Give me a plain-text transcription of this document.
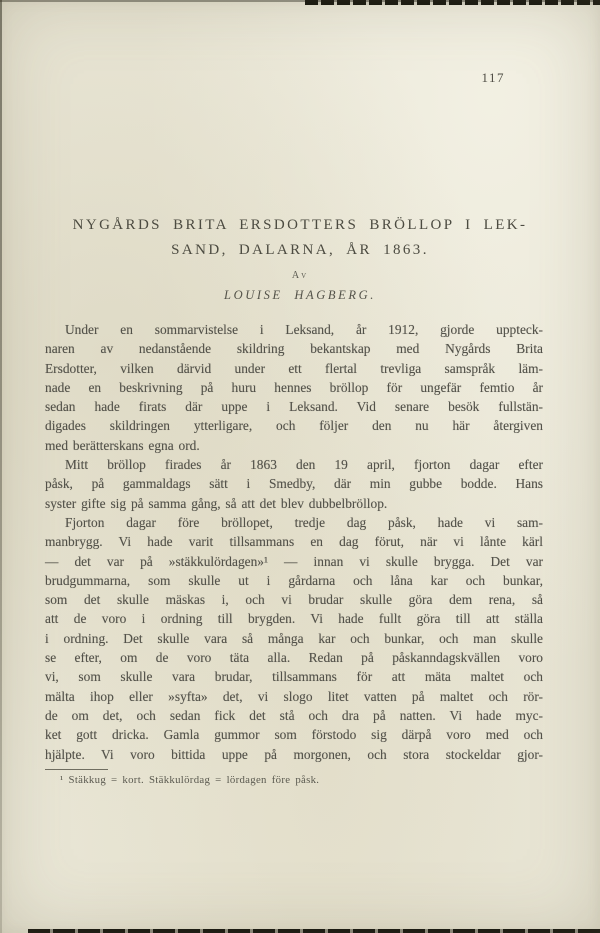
117
NYGÅRDS BRITA ERSDOTTERS BRÖLLOP I LEK-
SAND, DALARNA, ÅR 1863.
Av
LOUISE HAGBERG.
Under en sommarvistelse i Leksand, år 1912, gjorde uppteck-
naren av nedanstående skildring bekantskap med Nygårds Brita
Ersdotter, vilken därvid under ett flertal trevliga samspråk läm-
nade en beskrivning på huru hennes bröllop för ungefär femtio år
sedan hade firats där uppe i Leksand. Vid senare besök fullstän-
digades skildringen ytterligare, och följer den nu här återgiven
med berätterskans egna ord.
Mitt bröllop firades år 1863 den 19 april, fjorton dagar efter
påsk, på gammaldags sätt i Smedby, där min gubbe bodde. Hans
syster gifte sig på samma gång, så att det blev dubbelbröllop.
Fjorton dagar före bröllopet, tredje dag påsk, hade vi sam-
manbrygg. Vi hade varit tillsammans en dag förut, när vi lånte kärl
— det var på »stäkkulördagen»¹ — innan vi skulle brygga. Det var
brudgummarna, som skulle ut i gårdarna och låna kar och bunkar,
som det skulle mäskas i, och vi brudar skulle göra dem rena, så
att de voro i ordning till brygden. Vi hade fullt göra till att ställa
i ordning. Det skulle vara så många kar och bunkar, och man skulle
se efter, om de voro täta alla. Redan på påskanndagskvällen voro
vi, som skulle vara brudar, tillsammans för att mäta maltet och
mälta ihop eller »syfta» det, vi slogo litet vatten på maltet och rör-
de om det, och sedan fick det stå och dra på natten. Vi hade myc-
ket gott dricka. Gamla gummor som förstodo sig därpå voro med och
hjälpte. Vi voro bittida uppe på morgonen, och stora stockeldar gjor-
¹ Stäkkug = kort. Stäkkulördag = lördagen före påsk.
